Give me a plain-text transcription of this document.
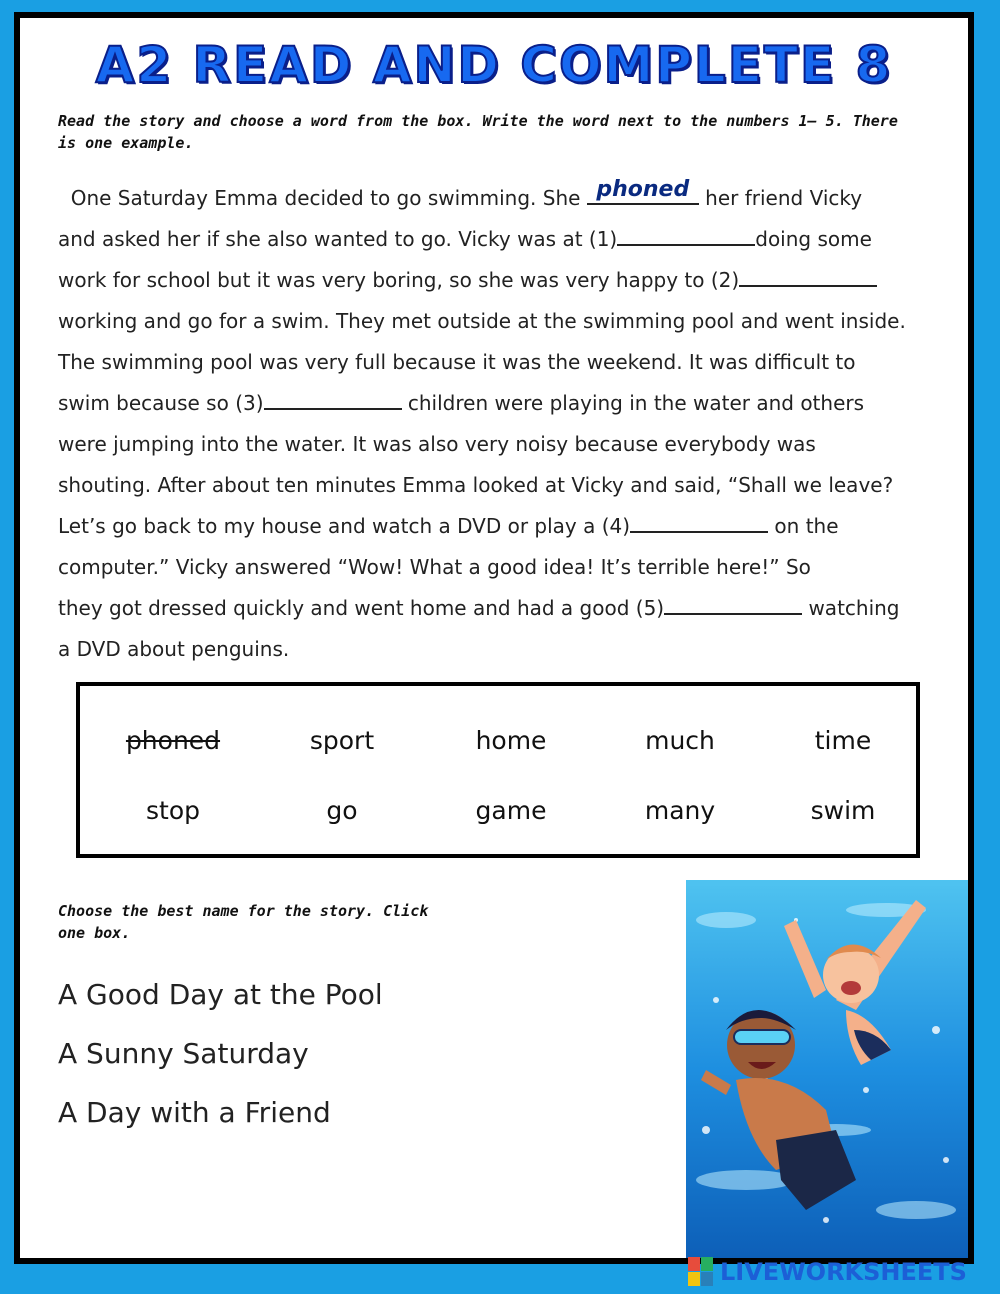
A2 READ AND COMPLETE 8
Read the story and choose a word from the box. Write the word next to the numbers 1– 5. There is one example.

One Saturday Emma decided to go swimming. She phoned her friend Vicky

and asked her if she also wanted to go. Vicky was at (1)	doing some

work for school but it was very boring, so she was very happy to (2)

working and go for a swim. They met outside at the swimming pool and went inside.

The swimming pool was very full because it was the weekend. It was difficult to

swim because so (3)	children were playing in the water and others

were jumping into the water. It was also very noisy because everybody was

shouting. After about ten minutes Emma looked at Vicky and said, “Shall we leave?

Let’s go back to my house and watch a DVD or play a (4)	on the

computer.” Vicky answered “Wow! What a good idea! It’s terrible here!” So

they got dressed quickly and went home and had a good (5)	watching

a DVD about penguins.

phoned	sport	home	much	time
stop	go	game	many	swim
Choose the best name for the story. Click one box.
A Good Day at the Pool
A Sunny Saturday
A Day with a Friend
LIVEWORKSHEETS
